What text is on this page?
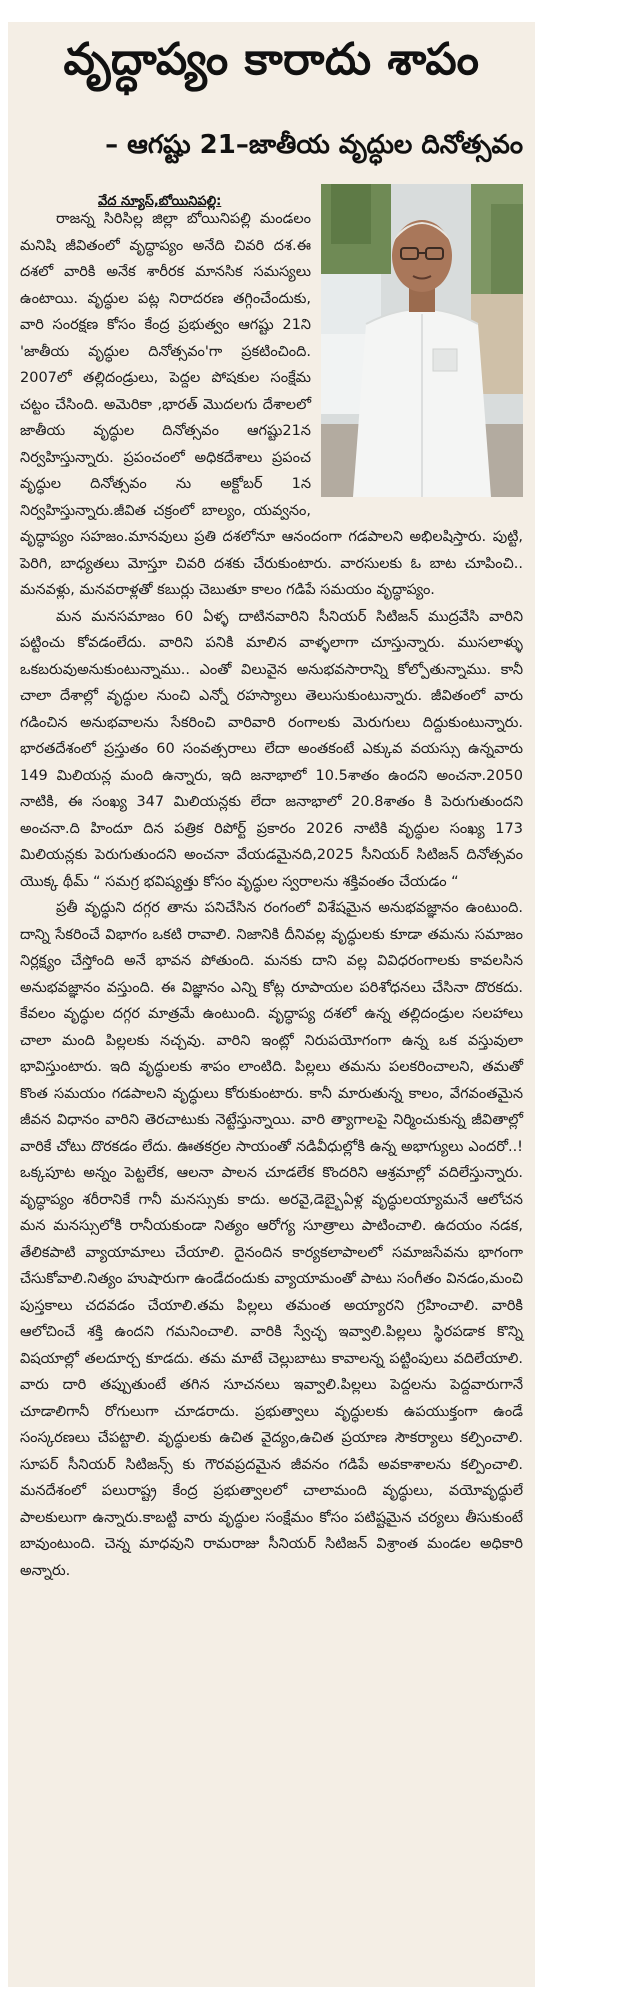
వృద్ధాప్యం కారాదు శాపం
– ఆగష్టు 21–జాతీయ వృద్ధుల దినోత్సవం
వేద న్యూస్,బోయినిపల్లి:

రాజన్న సిరిసిల్ల జిల్లా బోయినిపల్లి మండలం మనిషి జీవితంలో వృద్ధాప్యం అనేది చివరి దశ.ఈ దశలో వారికి అనేక శారీరక మానసిక సమస్యలు ఉంటాయి. వృద్ధుల పట్ల నిరాదరణ తగ్గించేందుకు, వారి సంరక్షణ కోసం కేంద్ర ప్రభుత్వం ఆగష్టు 21ని 'జాతీయ వృద్ధుల దినోత్సవం'గా ప్రకటించింది. 2007లో తల్లిదండ్రులు, పెద్దల పోషకుల సంక్షేమ చట్టం చేసింది. అమెరికా ,భారత్ మొదలగు దేశాలలో జాతీయ వృద్ధుల దినోత్సవం ఆగష్టు21న నిర్వహిస్తున్నారు. ప్రపంచంలో అధికదేశాలు ప్రపంచ వృద్ధుల దినోత్సవం ను అక్టోబర్ 1న నిర్వహిస్తున్నారు.జీవిత చక్రంలో బాల్యం, యవ్వనం, వృద్ధాప్యం సహజం.మానవులు ప్రతి దశలోనూ ఆనందంగా గడపాలని అభిలషిస్తారు. పుట్టి, పెరిగి, బాధ్యతలు మోస్తూ చివరి దశకు చేరుకుంటారు. వారసులకు ఓ బాట చూపించి.. మనవళ్లు, మనవరాళ్లతో కబుర్లు చెబుతూ కాలం గడిపే సమయం వృద్ధాప్యం.

మన మనసమాజం 60 ఏళ్ళ దాటినవారిని సీనియర్ సిటిజన్ ముద్రవేసి వారిని పట్టించు కోవడంలేదు. వారిని పనికి మాలిన వాళ్ళలాగా చూస్తున్నారు. ముసలాళ్ళు ఒకబరువుఅనుకుంటున్నాము.. ఎంతో విలువైన అనుభవసారాన్ని కోల్పోతున్నాము. కానీ చాలా దేశాల్లో వృద్ధుల నుంచి ఎన్నో రహస్యాలు తెలుసుకుంటున్నారు. జీవితంలో వారు గడించిన అనుభవాలను సేకరించి వారివారి రంగాలకు మెరుగులు దిద్దుకుంటున్నారు. భారతదేశంలో ప్రస్తుతం 60 సంవత్సరాలు లేదా అంతకంటే ఎక్కువ వయస్సు ఉన్నవారు 149 మిలియన్ల మంది ఉన్నారు, ఇది జనాభాలో 10.5శాతం ఉందని అంచనా.2050 నాటికి, ఈ సంఖ్య 347 మిలియన్లకు లేదా జనాభాలో 20.8శాతం కి పెరుగుతుందని అంచనా.ది హిందూ దిన పత్రిక రిపోర్ట్ ప్రకారం 2026 నాటికి వృద్ధుల సంఖ్య 173 మిలియన్లకు పెరుగుతుందని అంచనా వేయడమైనది,2025 సీనియర్ సిటిజన్ దినోత్సవం యొక్క థీమ్ “ సమగ్ర భవిష్యత్తు కోసం వృద్ధుల స్వరాలను శక్తివంతం చేయడం “

ప్రతీ వృద్ధుని దగ్గర తాను పనిచేసిన రంగంలో విశేషమైన అనుభవజ్ఞానం ఉంటుంది. దాన్ని సేకరించే విభాగం ఒకటి రావాలి. నిజానికి దీనివల్ల వృద్ధులకు కూడా తమను సమాజం నిర్లక్ష్యం చేస్తోంది అనే భావన పోతుంది. మనకు దాని వల్ల వివిధరంగాలకు కావలసిన అనుభవజ్ఞానం వస్తుంది. ఈ విజ్ఞానం ఎన్ని కోట్ల రూపాయల పరిశోధనలు చేసినా దొరకదు. కేవలం వృద్ధుల దగ్గర మాత్రమే ఉంటుంది. వృద్ధాప్య దశలో ఉన్న తల్లిదండ్రుల సలహాలు చాలా మంది పిల్లలకు నచ్చవు. వారిని ఇంట్లో నిరుపయోగంగా ఉన్న ఒక వస్తువులా భావిస్తుంటారు. ఇది వృద్ధులకు శాపం లాంటిది. పిల్లలు తమను పలకరించాలని, తమతో కొంత సమయం గడపాలని వృద్ధులు కోరుకుంటారు. కానీ మారుతున్న కాలం, వేగవంతమైన జీవన విధానం వారిని తెరచాటుకు నెట్టేస్తున్నాయి. వారి త్యాగాలపై నిర్మించుకున్న జీవితాల్లో వారికే చోటు దొరకడం లేదు. ఊతకర్రల సాయంతో నడివీధుల్లోకి ఉన్న అభాగ్యులు ఎందరో..! ఒక్కపూట అన్నం పెట్టలేక, ఆలనా పాలన చూడలేక కొందరిని ఆశ్రమాల్లో వదిలేస్తున్నారు. వృద్ధాప్యం శరీరానికే గానీ మనస్సుకు కాదు. అరవై,డెబ్బైఏళ్ల వృద్ధులయ్యామనే ఆలోచన మన మనస్సులోకి రానీయకుండా నిత్యం ఆరోగ్య సూత్రాలు పాటించాలి. ఉదయం నడక, తేలికపాటి వ్యాయామాలు చేయాలి. దైనందిన కార్యకలాపాలలో సమాజసేవను భాగంగా చేసుకోవాలి.నిత్యం హుషారుగా ఉండేదందుకు వ్యాయామంతో పాటు సంగీతం వినడం,మంచి పుస్తకాలు చదవడం చేయాలి.తమ పిల్లలు తమంత అయ్యారని గ్రహించాలి. వారికి ఆలోచించే శక్తి ఉందని గమనించాలి. వారికి స్వేచ్ఛ ఇవ్వాలి.పిల్లలు స్థిరపడాక కొన్ని విషయాల్లో తలదూర్చ కూడదు. తమ మాటే చెల్లుబాటు కావాలన్న పట్టింపులు వదిలేయాలి. వారు దారి తప్పుతుంటే తగిన సూచనలు ఇవ్వాలి.పిల్లలు పెద్దలను పెద్దవారుగానే చూడాలిగానీ రోగులుగా చూడరాదు. ప్రభుత్వాలు వృద్ధులకు ఉపయుక్తంగా ఉండే సంస్కరణలు చేపట్టాలి. వృద్ధులకు ఉచిత వైద్యం,ఉచిత ప్రయాణ సౌకర్యాలు కల్పించాలి. సూపర్ సీనియర్ సిటిజన్స్ కు గౌరవప్రదమైన జీవనం గడిపే అవకాశాలను కల్పించాలి. మనదేశంలో పలురాష్ట్ర కేంద్ర ప్రభుత్వాలలో చాలామంది వృద్ధులు, వయోవృద్ధులే పాలకులుగా ఉన్నారు.కాబట్టి వారు వృద్ధుల సంక్షేమం కోసం పటిష్టమైన చర్యలు తీసుకుంటే బావుంటుంది. చెన్న మాధవుని రామరాజు సీనియర్ సిటిజన్ విశ్రాంత మండల అధికారి అన్నారు.
